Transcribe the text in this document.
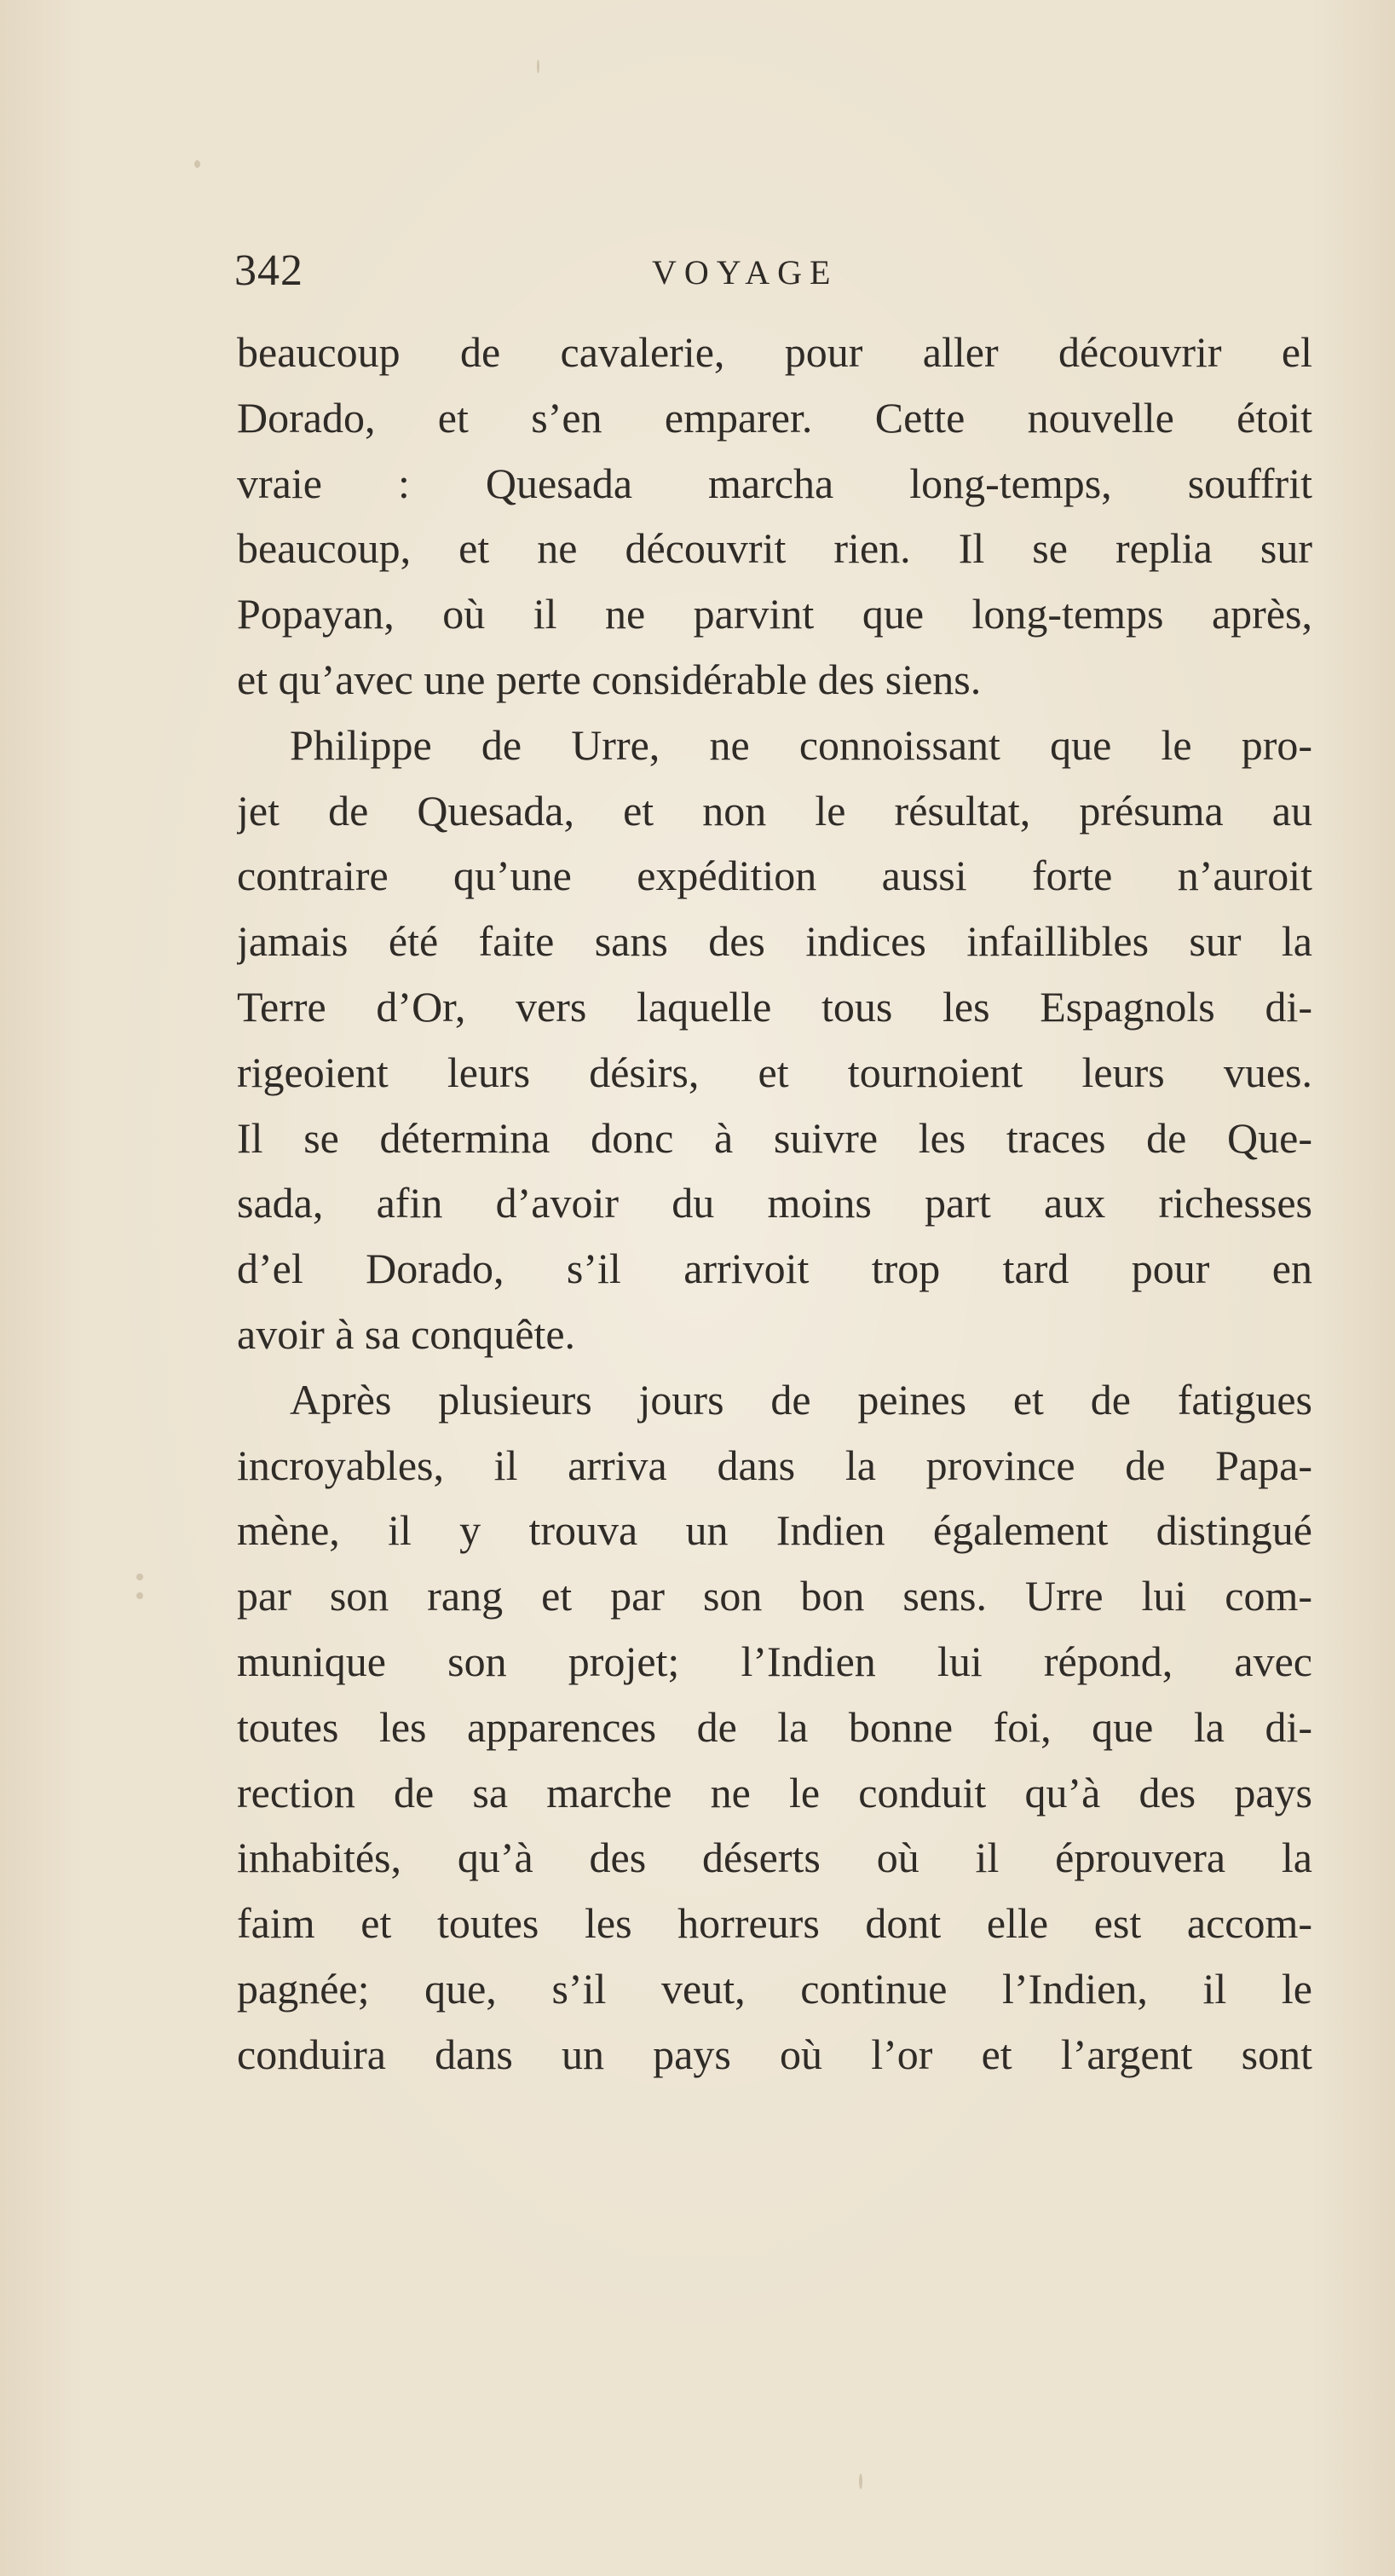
342	VOYAGE
beaucoup de cavalerie, pour aller découvrir el
Dorado, et s’en emparer. Cette nouvelle étoit
vraie : Quesada marcha long-temps, souffrit
beaucoup, et ne découvrit rien. Il se replia sur
Popayan, où il ne parvint que long-temps après,
et qu’avec une perte considérable des siens.
Philippe de Urre, ne connoissant que le pro-
jet de Quesada, et non le résultat, présuma au
contraire qu’une expédition aussi forte n’auroit
jamais été faite sans des indices infaillibles sur la
Terre d’Or, vers laquelle tous les Espagnols di-
rigeoient leurs désirs, et tournoient leurs vues.
Il se détermina donc à suivre les traces de Que-
sada, afin d’avoir du moins part aux richesses
d’el Dorado, s’il arrivoit trop tard pour en
avoir à sa conquête.
Après plusieurs jours de peines et de fatigues
incroyables, il arriva dans la province de Papa-
mène, il y trouva un Indien également distingué
par son rang et par son bon sens. Urre lui com-
munique son projet; l’Indien lui répond, avec
toutes les apparences de la bonne foi, que la di-
rection de sa marche ne le conduit qu’à des pays
inhabités, qu’à des déserts où il éprouvera la
faim et toutes les horreurs dont elle est accom-
pagnée; que, s’il veut, continue l’Indien, il le
conduira dans un pays où l’or et l’argent sont
